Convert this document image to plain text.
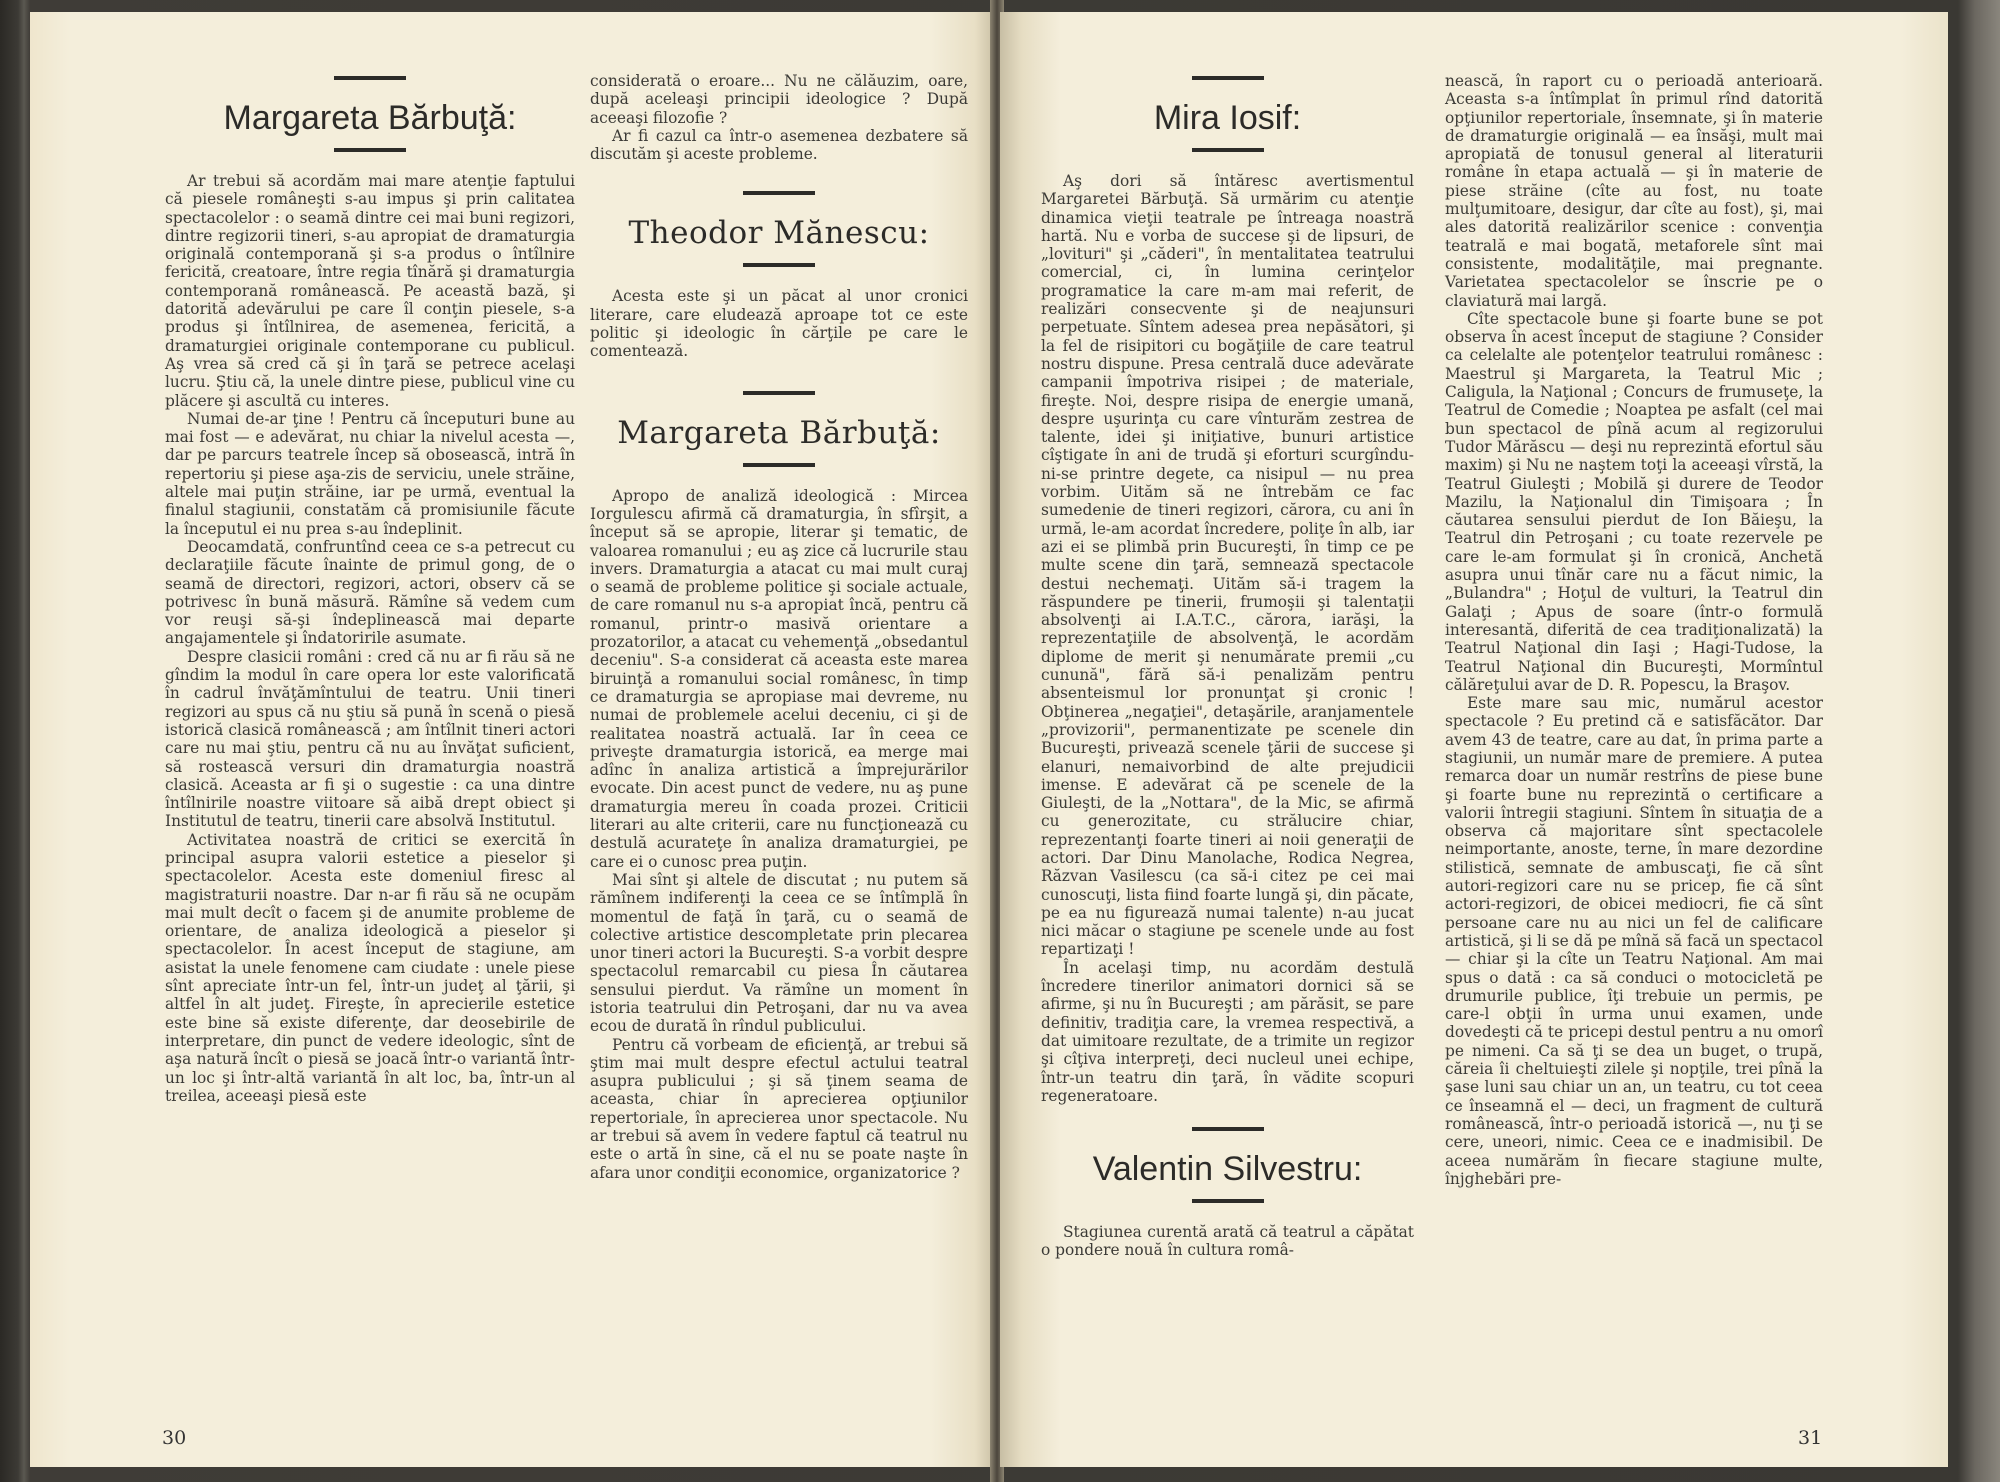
Margareta Bărbuţă:

Ar trebui să acordăm mai mare atenţie faptului că piesele româneşti s-au impus şi prin calitatea spectacolelor : o seamă dintre cei mai buni regizori, dintre regizorii tineri, s-au apropiat de dramaturgia originală contemporană şi s-a produs o întîlnire fericită, creatoare, între regia tînără şi dramaturgia contemporană românească. Pe această bază, şi datorită adevărului pe care îl conţin piesele, s-a produs şi întîlnirea, de asemenea, fericită, a dramaturgiei originale contemporane cu publicul. Aş vrea să cred că şi în ţară se petrece acelaşi lucru. Ştiu că, la unele dintre piese, publicul vine cu plăcere şi ascultă cu interes.

Numai de-ar ţine ! Pentru că începuturi bune au mai fost — e adevărat, nu chiar la nivelul acesta —, dar pe parcurs teatrele încep să obosească, intră în repertoriu şi piese aşa-zis de serviciu, unele străine, altele mai puţin străine, iar pe urmă, eventual la finalul stagiunii, constatăm că promisiunile făcute la începutul ei nu prea s-au îndeplinit.

Deocamdată, confruntînd ceea ce s-a petrecut cu declaraţiile făcute înainte de primul gong, de o seamă de directori, regizori, actori, observ că se potrivesc în bună măsură. Rămîne să vedem cum vor reuşi să-şi îndeplinească mai departe angajamentele şi îndatoririle asumate.

Despre clasicii români : cred că nu ar fi rău să ne gîndim la modul în care opera lor este valorificată în cadrul învăţămîntului de teatru. Unii tineri regizori au spus că nu ştiu să pună în scenă o piesă istorică clasică românească ; am întîlnit tineri actori care nu mai ştiu, pentru că nu au învăţat suficient, să rostească versuri din dramaturgia noastră clasică. Aceasta ar fi şi o sugestie : ca una dintre întîlnirile noastre viitoare să aibă drept obiect şi Institutul de teatru, tinerii care absolvă Institutul.

Activitatea noastră de critici se exercită în principal asupra valorii estetice a pieselor şi spectacolelor. Acesta este domeniul firesc al magistraturii noastre. Dar n-ar fi rău să ne ocupăm mai mult decît o facem şi de anumite probleme de orientare, de analiza ideologică a pieselor şi spectacolelor. În acest început de stagiune, am asistat la unele fenomene cam ciudate : unele piese sînt apreciate într-un fel, într-un judeţ al ţării, şi altfel în alt judeţ. Fireşte, în aprecierile estetice este bine să existe diferenţe, dar deosebirile de interpretare, din punct de vedere ideologic, sînt de aşa natură încît o piesă se joacă într-o variantă într-un loc şi într-altă variantă în alt loc, ba, într-un al treilea, aceeaşi piesă este

considerată o eroare... Nu ne călăuzim, oare, după aceleaşi principii ideologice ? După aceeaşi filozofie ?

Ar fi cazul ca într-o asemenea dezbatere să discutăm şi aceste probleme.

Theodor Mănescu:

Acesta este şi un păcat al unor cronici literare, care eludează aproape tot ce este politic şi ideologic în cărţile pe care le comentează.

Margareta Bărbuţă:

Apropo de analiză ideologică : Mircea Iorgulescu afirmă că dramaturgia, în sfîrşit, a început să se apropie, literar şi tematic, de valoarea romanului ; eu aş zice că lucrurile stau invers. Dramaturgia a atacat cu mai mult curaj o seamă de probleme politice şi sociale actuale, de care romanul nu s-a apropiat încă, pentru că romanul, printr-o masivă orientare a prozatorilor, a atacat cu vehemenţă „obsedantul deceniu". S-a considerat că aceasta este marea biruinţă a romanului social românesc, în timp ce dramaturgia se apropiase mai devreme, nu numai de problemele acelui deceniu, ci şi de realitatea noastră actuală. Iar în ceea ce priveşte dramaturgia istorică, ea merge mai adînc în analiza artistică a împrejurărilor evocate. Din acest punct de vedere, nu aş pune dramaturgia mereu în coada prozei. Criticii literari au alte criterii, care nu funcţionează cu destulă acurateţe în analiza dramaturgiei, pe care ei o cunosc prea puţin.

Mai sînt şi altele de discutat ; nu putem să rămînem indiferenţi la ceea ce se întîmplă în momentul de faţă în ţară, cu o seamă de colective artistice descompletate prin plecarea unor tineri actori la Bucureşti. S-a vorbit despre spectacolul remarcabil cu piesa În căutarea sensului pierdut. Va rămîne un moment în istoria teatrului din Petroşani, dar nu va avea ecou de durată în rîndul publicului.

Pentru că vorbeam de eficienţă, ar trebui să ştim mai mult despre efectul actului teatral asupra publicului ; şi să ţinem seama de aceasta, chiar în aprecierea opţiunilor repertoriale, în aprecierea unor spectacole. Nu ar trebui să avem în vedere faptul că teatrul nu este o artă în sine, că el nu se poate naşte în afara unor condiţii economice, organizatorice ?

30
Mira Iosif:

Aş dori să întăresc avertismentul Margaretei Bărbuţă. Să urmărim cu atenţie dinamica vieţii teatrale pe întreaga noastră hartă. Nu e vorba de succese şi de lipsuri, de „lovituri" şi „căderi", în mentalitatea teatrului comercial, ci, în lumina cerinţelor programatice la care m-am mai referit, de realizări consecvente şi de neajunsuri perpetuate. Sîntem adesea prea nepăsători, şi la fel de risipitori cu bogăţiile de care teatrul nostru dispune. Presa centrală duce adevărate campanii împotriva risipei ; de materiale, fireşte. Noi, despre risipa de energie umană, despre uşurinţa cu care vînturăm zestrea de talente, idei şi iniţiative, bunuri artistice cîştigate în ani de trudă şi eforturi scurgîndu-ni-se printre degete, ca nisipul — nu prea vorbim. Uităm să ne întrebăm ce fac sumedenie de tineri regizori, cărora, cu ani în urmă, le-am acordat încredere, poliţe în alb, iar azi ei se plimbă prin Bucureşti, în timp ce pe multe scene din ţară, semnează spectacole destui nechemaţi. Uităm să-i tragem la răspundere pe tinerii, frumoşii şi talentaţii absolvenţi ai I.A.T.C., cărora, iarăşi, la reprezentaţiile de absolvenţă, le acordăm diplome de merit şi nenumărate premii „cu cunună", fără să-i penalizăm pentru absenteismul lor pronunţat şi cronic ! Obţinerea „negaţiei", detaşările, aranjamentele „provizorii", permanentizate pe scenele din Bucureşti, privează scenele ţării de succese şi elanuri, nemaivorbind de alte prejudicii imense. E adevărat că pe scenele de la Giuleşti, de la „Nottara", de la Mic, se afirmă cu generozitate, cu strălucire chiar, reprezentanţi foarte tineri ai noii generaţii de actori. Dar Dinu Manolache, Rodica Negrea, Răzvan Vasilescu (ca să-i citez pe cei mai cunoscuţi, lista fiind foarte lungă şi, din păcate, pe ea nu figurează numai talente) n-au jucat nici măcar o stagiune pe scenele unde au fost repartizaţi !

În acelaşi timp, nu acordăm destulă încredere tinerilor animatori dornici să se afirme, şi nu în Bucureşti ; am părăsit, se pare definitiv, tradiţia care, la vremea respectivă, a dat uimitoare rezultate, de a trimite un regizor şi cîţiva interpreţi, deci nucleul unei echipe, într-un teatru din ţară, în vădite scopuri regeneratoare.

Valentin Silvestru:

Stagiunea curentă arată că teatrul a căpătat o pondere nouă în cultura româ-

nească, în raport cu o perioadă anterioară. Aceasta s-a întîmplat în primul rînd datorită opţiunilor repertoriale, însemnate, şi în materie de dramaturgie originală — ea însăşi, mult mai apropiată de tonusul general al literaturii române în etapa actuală — şi în materie de piese străine (cîte au fost, nu toate mulţumitoare, desigur, dar cîte au fost), şi, mai ales datorită realizărilor scenice : convenţia teatrală e mai bogată, metaforele sînt mai consistente, modalităţile, mai pregnante. Varietatea spectacolelor se înscrie pe o claviatură mai largă.

Cîte spectacole bune şi foarte bune se pot observa în acest început de stagiune ? Consider ca celelalte ale potenţelor teatrului românesc : Maestrul şi Margareta, la Teatrul Mic ; Caligula, la Naţional ; Concurs de frumuseţe, la Teatrul de Comedie ; Noaptea pe asfalt (cel mai bun spectacol de pînă acum al regizorului Tudor Mărăscu — deşi nu reprezintă efortul său maxim) şi Nu ne naştem toţi la aceeaşi vîrstă, la Teatrul Giuleşti ; Mobilă şi durere de Teodor Mazilu, la Naţionalul din Timişoara ; În căutarea sensului pierdut de Ion Băieşu, la Teatrul din Petroşani ; cu toate rezervele pe care le-am formulat şi în cronică, Anchetă asupra unui tînăr care nu a făcut nimic, la „Bulandra" ; Hoţul de vulturi, la Teatrul din Galaţi ; Apus de soare (într-o formulă interesantă, diferită de cea tradiţionalizată) la Teatrul Naţional din Iaşi ; Hagi-Tudose, la Teatrul Naţional din Bucureşti, Mormîntul călăreţului avar de D. R. Popescu, la Braşov.

Este mare sau mic, numărul acestor spectacole ? Eu pretind că e satisfăcător. Dar avem 43 de teatre, care au dat, în prima parte a stagiunii, un număr mare de premiere. A putea remarca doar un număr restrîns de piese bune şi foarte bune nu reprezintă o certificare a valorii întregii stagiuni. Sîntem în situaţia de a observa că majoritare sînt spectacolele neimportante, anoste, terne, în mare dezordine stilistică, semnate de ambuscaţi, fie că sînt autori-regizori care nu se pricep, fie că sînt actori-regizori, de obicei mediocri, fie că sînt persoane care nu au nici un fel de calificare artistică, şi li se dă pe mînă să facă un spectacol — chiar şi la cîte un Teatru Naţional. Am mai spus o dată : ca să conduci o motocicletă pe drumurile publice, îţi trebuie un permis, pe care-l obţii în urma unui examen, unde dovedeşti că te pricepi destul pentru a nu omorî pe nimeni. Ca să ţi se dea un buget, o trupă, căreia îi cheltuieşti zilele şi nopţile, trei pînă la şase luni sau chiar un an, un teatru, cu tot ceea ce înseamnă el — deci, un fragment de cultură românească, într-o perioadă istorică —, nu ţi se cere, uneori, nimic. Ceea ce e inadmisibil. De aceea numărăm în fiecare stagiune multe, înjghebări pre-

31
